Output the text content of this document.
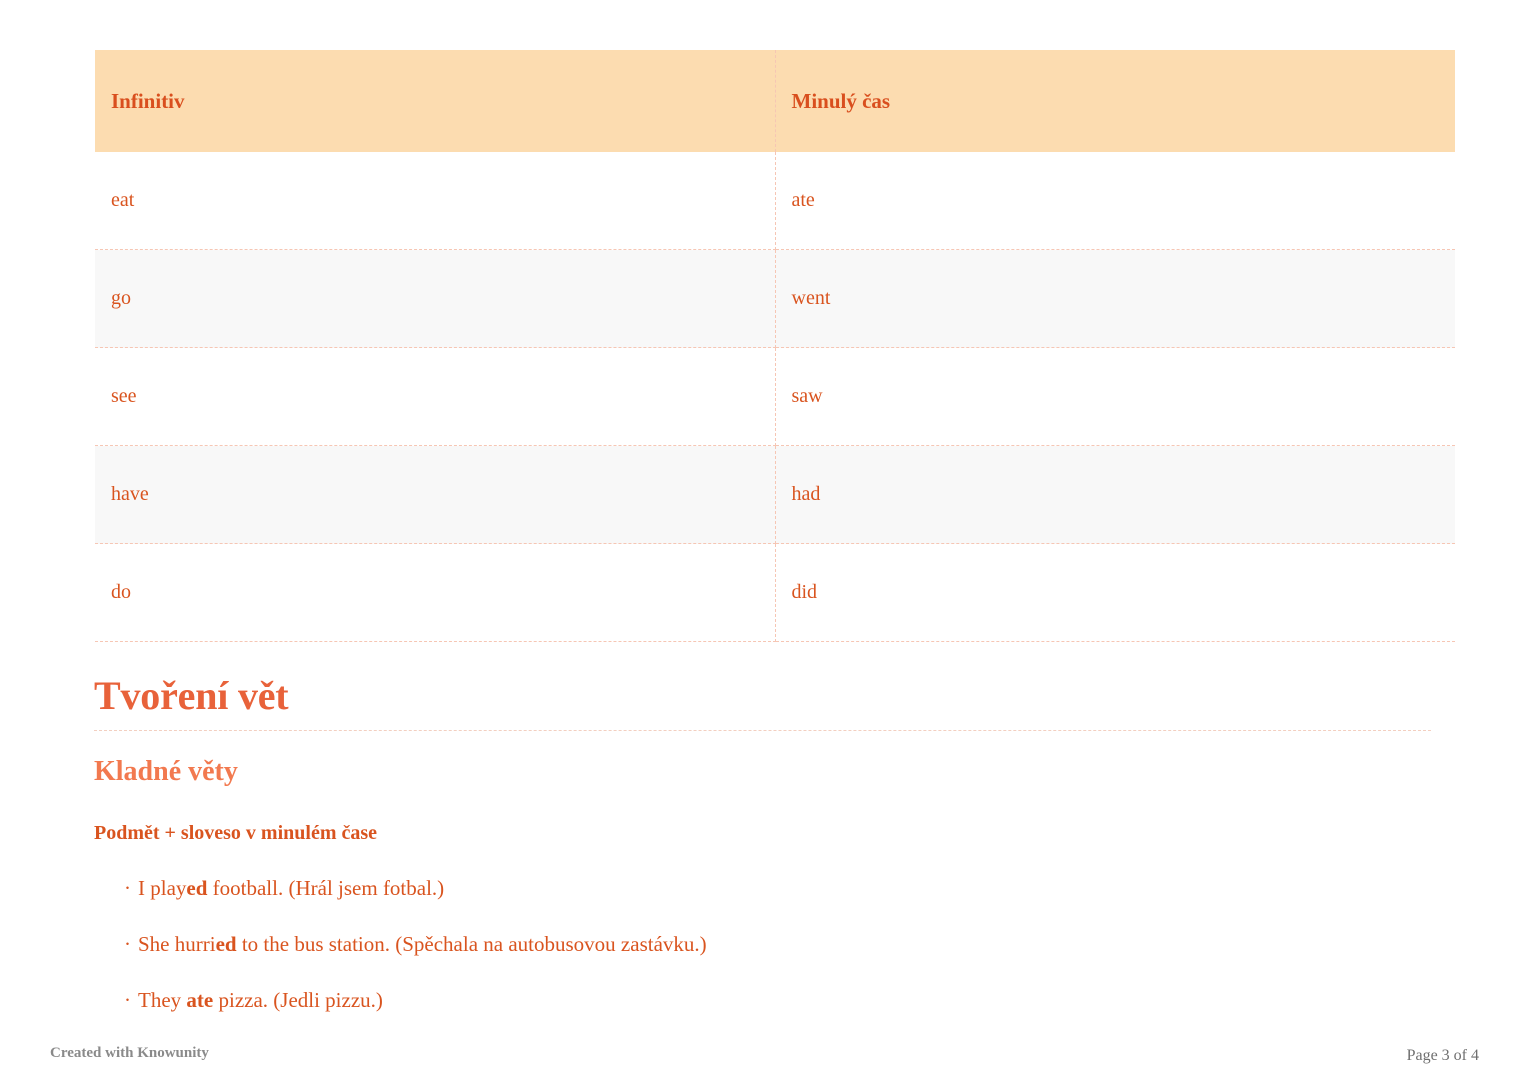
Infinitiv	Minulý čas
eat	ate
go	went
see	saw
have	had
do	did
Tvoření vět
Kladné věty
Podmět + sloveso v minulém čase
· I played football. (Hrál jsem fotbal.)
· She hurried to the bus station. (Spěchala na autobusovou zastávku.)
· They ate pizza. (Jedli pizzu.)
Created with Knowunity	Page 3 of 4
